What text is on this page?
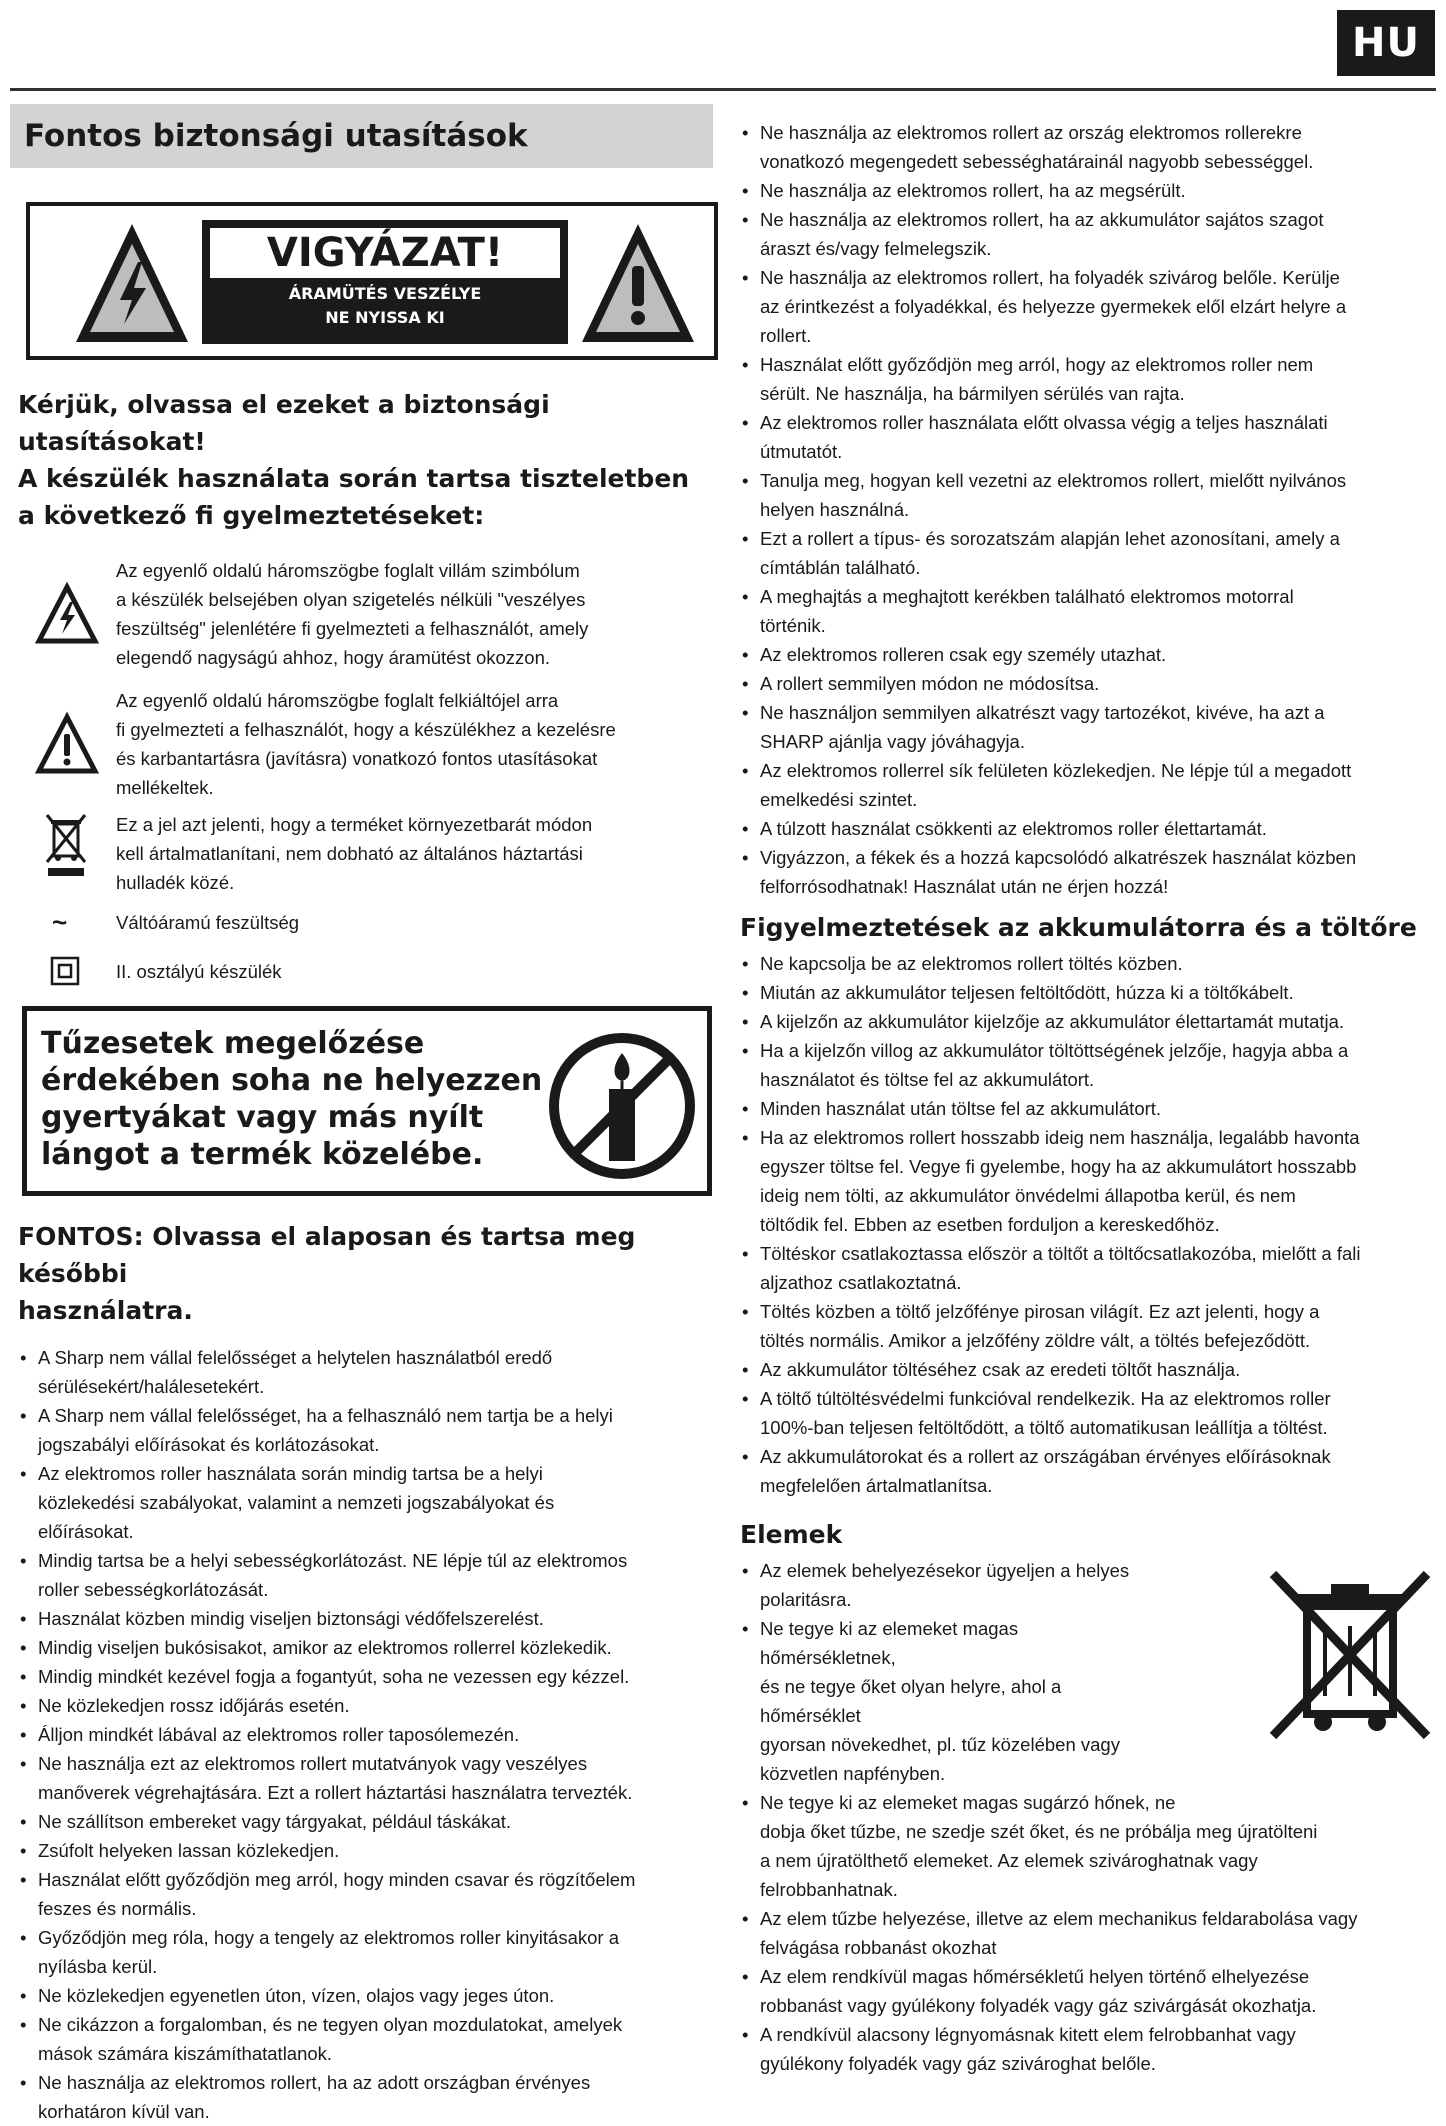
HU
Fontos biztonsági utasítások
VIGYÁZAT!
ÁRAMÜTÉS VESZÉLYE
NE NYISSA KI
Kérjük, olvassa el ezeket a biztonsági utasításokat!
A készülék használata során tartsa tiszteletben
a következő fi gyelmeztetéseket:
Az egyenlő oldalú háromszögbe foglalt villám szimbólum
a készülék belsejében olyan szigetelés nélküli "veszélyes
feszültség" jelenlétére fi gyelmezteti a felhasználót, amely
elegendő nagyságú ahhoz, hogy áramütést okozzon.
Az egyenlő oldalú háromszögbe foglalt felkiáltójel arra
fi gyelmezteti a felhasználót, hogy a készülékhez a kezelésre
és karbantartásra (javításra) vonatkozó fontos utasításokat
mellékeltek.
Ez a jel azt jelenti, hogy a terméket környezetbarát módon
kell ártalmatlanítani, nem dobható az általános háztartási
hulladék közé.
~	Váltóáramú feszültség
II. osztályú készülék
Tűzesetek megelőzése
érdekében soha ne helyezzen
gyertyákat vagy más nyílt
lángot a termék közelébe.
FONTOS: Olvassa el alaposan és tartsa meg későbbi
használatra.
• A Sharp nem vállal felelősséget a helytelen használatból eredő
sérülésekért/halálesetekért.
• A Sharp nem vállal felelősséget, ha a felhasználó nem tartja be a helyi
jogszabályi előírásokat és korlátozásokat.
• Az elektromos roller használata során mindig tartsa be a helyi
közlekedési szabályokat, valamint a nemzeti jogszabályokat és
előírásokat.
• Mindig tartsa be a helyi sebességkorlátozást. NE lépje túl az elektromos
roller sebességkorlátozását.
• Használat közben mindig viseljen biztonsági védőfelszerelést.
• Mindig viseljen bukósisakot, amikor az elektromos rollerrel közlekedik.
• Mindig mindkét kezével fogja a fogantyút, soha ne vezessen egy kézzel.
• Ne közlekedjen rossz időjárás esetén.
• Álljon mindkét lábával az elektromos roller taposólemezén.
• Ne használja ezt az elektromos rollert mutatványok vagy veszélyes
manőverek végrehajtására. Ezt a rollert háztartási használatra tervezték.
• Ne szállítson embereket vagy tárgyakat, például táskákat.
• Zsúfolt helyeken lassan közlekedjen.
• Használat előtt győződjön meg arról, hogy minden csavar és rögzítőelem
feszes és normális.
• Győződjön meg róla, hogy a tengely az elektromos roller kinyitásakor a
nyílásba kerül.
• Ne közlekedjen egyenetlen úton, vízen, olajos vagy jeges úton.
• Ne cikázzon a forgalomban, és ne tegyen olyan mozdulatokat, amelyek
mások számára kiszámíthatatlanok.
• Ne használja az elektromos rollert, ha az adott országban érvényes
korhatáron kívül van.
• Ne használja az elektromos rollert az ország elektromos rollerekre
vonatkozó megengedett sebességhatárainál nagyobb sebességgel.
• Ne használja az elektromos rollert, ha az megsérült.
• Ne használja az elektromos rollert, ha az akkumulátor sajátos szagot
áraszt és/vagy felmelegszik.
• Ne használja az elektromos rollert, ha folyadék szivárog belőle. Kerülje
az érintkezést a folyadékkal, és helyezze gyermekek elől elzárt helyre a
rollert.
• Használat előtt győződjön meg arról, hogy az elektromos roller nem
sérült. Ne használja, ha bármilyen sérülés van rajta.
• Az elektromos roller használata előtt olvassa végig a teljes használati
útmutatót.
• Tanulja meg, hogyan kell vezetni az elektromos rollert, mielőtt nyilvános
helyen használná.
• Ezt a rollert a típus- és sorozatszám alapján lehet azonosítani, amely a
címtáblán található.
• A meghajtás a meghajtott kerékben található elektromos motorral
történik.
• Az elektromos rolleren csak egy személy utazhat.
• A rollert semmilyen módon ne módosítsa.
• Ne használjon semmilyen alkatrészt vagy tartozékot, kivéve, ha azt a
SHARP ajánlja vagy jóváhagyja.
• Az elektromos rollerrel sík felületen közlekedjen. Ne lépje túl a megadott
emelkedési szintet.
• A túlzott használat csökkenti az elektromos roller élettartamát.
• Vigyázzon, a fékek és a hozzá kapcsolódó alkatrészek használat közben
felforrósodhatnak! Használat után ne érjen hozzá!
Figyelmeztetések az akkumulátorra és a töltőre
• Ne kapcsolja be az elektromos rollert töltés közben.
• Miután az akkumulátor teljesen feltöltődött, húzza ki a töltőkábelt.
• A kijelzőn az akkumulátor kijelzője az akkumulátor élettartamát mutatja.
• Ha a kijelzőn villog az akkumulátor töltöttségének jelzője, hagyja abba a
használatot és töltse fel az akkumulátort.
• Minden használat után töltse fel az akkumulátort.
• Ha az elektromos rollert hosszabb ideig nem használja, legalább havonta
egyszer töltse fel. Vegye fi gyelembe, hogy ha az akkumulátort hosszabb
ideig nem tölti, az akkumulátor önvédelmi állapotba kerül, és nem
töltődik fel. Ebben az esetben forduljon a kereskedőhöz.
• Töltéskor csatlakoztassa először a töltőt a töltőcsatlakozóba, mielőtt a fali
aljzathoz csatlakoztatná.
• Töltés közben a töltő jelzőfénye pirosan világít. Ez azt jelenti, hogy a
töltés normális. Amikor a jelzőfény zöldre vált, a töltés befejeződött.
• Az akkumulátor töltéséhez csak az eredeti töltőt használja.
• A töltő túltöltésvédelmi funkcióval rendelkezik. Ha az elektromos roller
100%-ban teljesen feltöltődött, a töltő automatikusan leállítja a töltést.
• Az akkumulátorokat és a rollert az országában érvényes előírásoknak
megfelelően ártalmatlanítsa.
Elemek
• Az elemek behelyezésekor ügyeljen a helyes
polaritásra.
• Ne tegye ki az elemeket magas hőmérsékletnek,
és ne tegye őket olyan helyre, ahol a hőmérséklet
gyorsan növekedhet, pl. tűz közelében vagy
közvetlen napfényben.
• Ne tegye ki az elemeket magas sugárzó hőnek, ne
dobja őket tűzbe, ne szedje szét őket, és ne próbálja meg újratölteni
a nem újratölthető elemeket. Az elemek szivároghatnak vagy
felrobbanhatnak.
• Az elem tűzbe helyezése, illetve az elem mechanikus feldarabolása vagy
felvágása robbanást okozhat
• Az elem rendkívül magas hőmérsékletű helyen történő elhelyezése
robbanást vagy gyúlékony folyadék vagy gáz szivárgását okozhatja.
• A rendkívül alacsony légnyomásnak kitett elem felrobbanhat vagy
gyúlékony folyadék vagy gáz szivároghat belőle.
